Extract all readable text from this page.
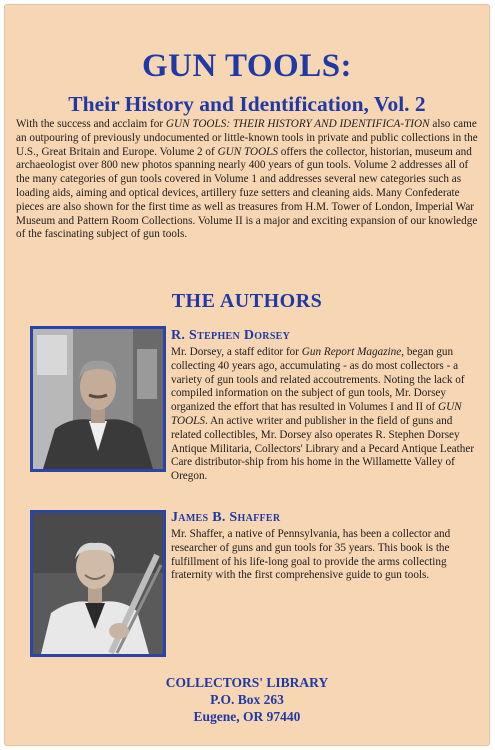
GUN TOOLS:
Their History and Identification, Vol. 2
With the success and acclaim for GUN TOOLS: THEIR HISTORY AND IDENTIFICA-TION also came an outpouring of previously undocumented or little-known tools in private and public collections in the U.S., Great Britain and Europe. Volume 2 of GUN TOOLS offers the collector, historian, museum and archaeologist over 800 new photos spanning nearly 400 years of gun tools. Volume 2 addresses all of the many categories of gun tools covered in Volume 1 and addresses several new categories such as loading aids, aiming and optical devices, artillery fuze setters and cleaning aids. Many Confederate pieces are also shown for the first time as well as treasures from H.M. Tower of London, Imperial War Museum and Pattern Room Collections. Volume II is a major and exciting expansion of our knowledge of the fascinating subject of gun tools.
THE AUTHORS
R. Stephen Dorsey
Mr. Dorsey, a staff editor for Gun Report Magazine, began gun collecting 40 years ago, accumulating - as do most collectors - a variety of gun tools and related accoutrements. Noting the lack of compiled information on the subject of gun tools, Mr. Dorsey organized the effort that has resulted in Volumes I and II of GUN TOOLS. An active writer and publisher in the field of guns and related collectibles, Mr. Dorsey also operates R. Stephen Dorsey Antique Militaria, Collectors' Library and a Pecard Antique Leather Care distributor-ship from his home in the Willamette Valley of Oregon.
James B. Shaffer
Mr. Shaffer, a native of Pennsylvania, has been a collector and researcher of guns and gun tools for 35 years. This book is the fulfillment of his life-long goal to provide the arms collecting fraternity with the first comprehensive guide to gun tools.
COLLECTORS' LIBRARY
P.O. Box 263
Eugene, OR 97440
